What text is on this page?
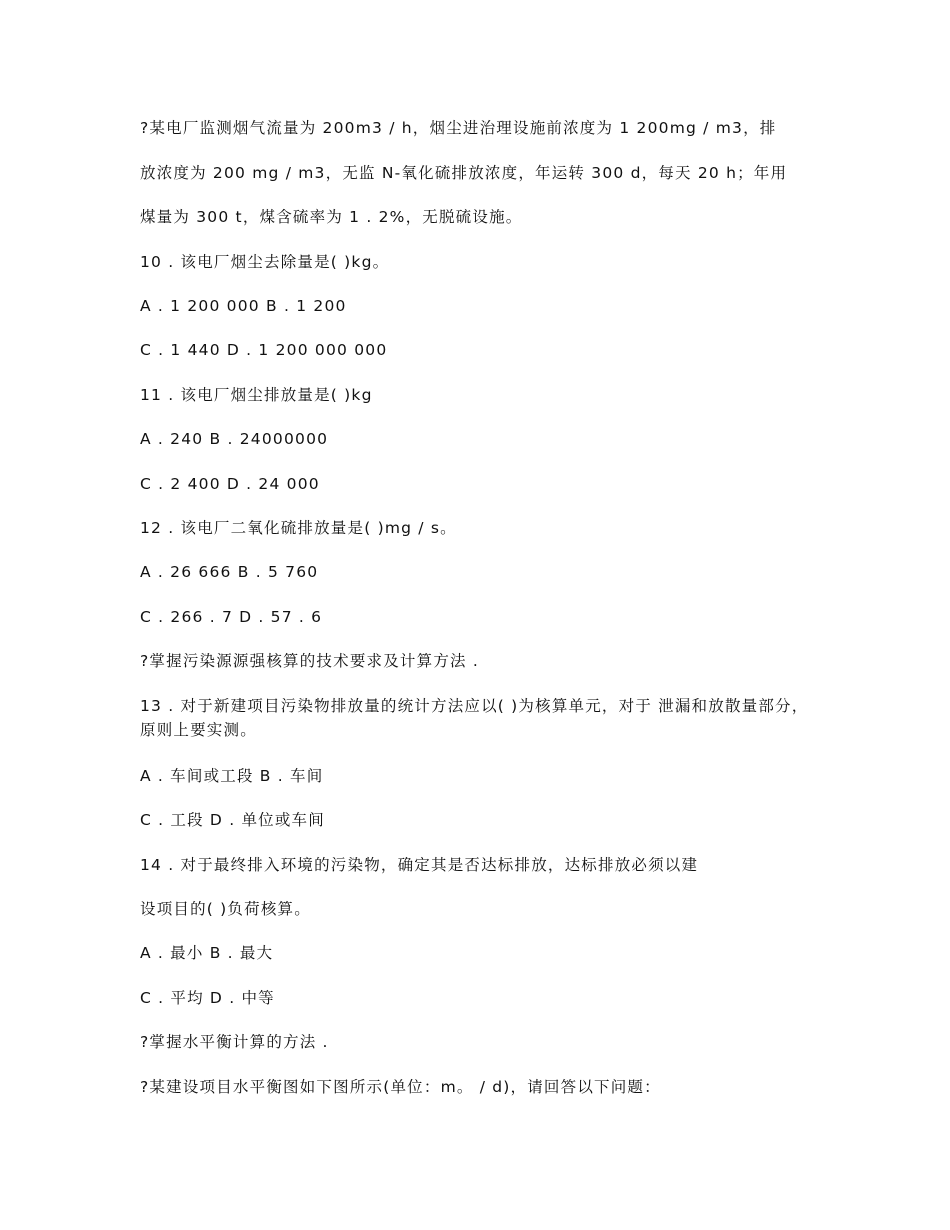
?某电厂监测烟气流量为 200m3 / h，烟尘进治理设施前浓度为 1 200mg / m3，排
放浓度为 200 mg / m3，无监 N-氧化硫排放浓度，年运转 300 d，每天 20 h；年用
煤量为 300 t，煤含硫率为 1 . 2%，无脱硫设施。
10 . 该电厂烟尘去除量是( )kg。
A . 1 200 000 B . 1 200
C . 1 440 D . 1 200 000 000
11 . 该电厂烟尘排放量是( )kg
A . 240 B . 24000000
C . 2 400 D . 24 000
12 . 该电厂二氧化硫排放量是( )mg / s。
A . 26 666 B . 5 760
C . 266 . 7 D . 57 . 6
?掌握污染源源强核算的技术要求及计算方法 .
13 . 对于新建项目污染物排放量的统计方法应以( )为核算单元，对于 泄漏和放散量部分，原则上要实测。
A . 车间或工段 B . 车间
C . 工段 D . 单位或车间
14 . 对于最终排入环境的污染物，确定其是否达标排放，达标排放必须以建
设项目的( )负荷核算。
A . 最小 B . 最大
C . 平均 D . 中等
?掌握水平衡计算的方法 .
?某建设项目水平衡图如下图所示(单位：m。 / d)，请回答以下问题：
